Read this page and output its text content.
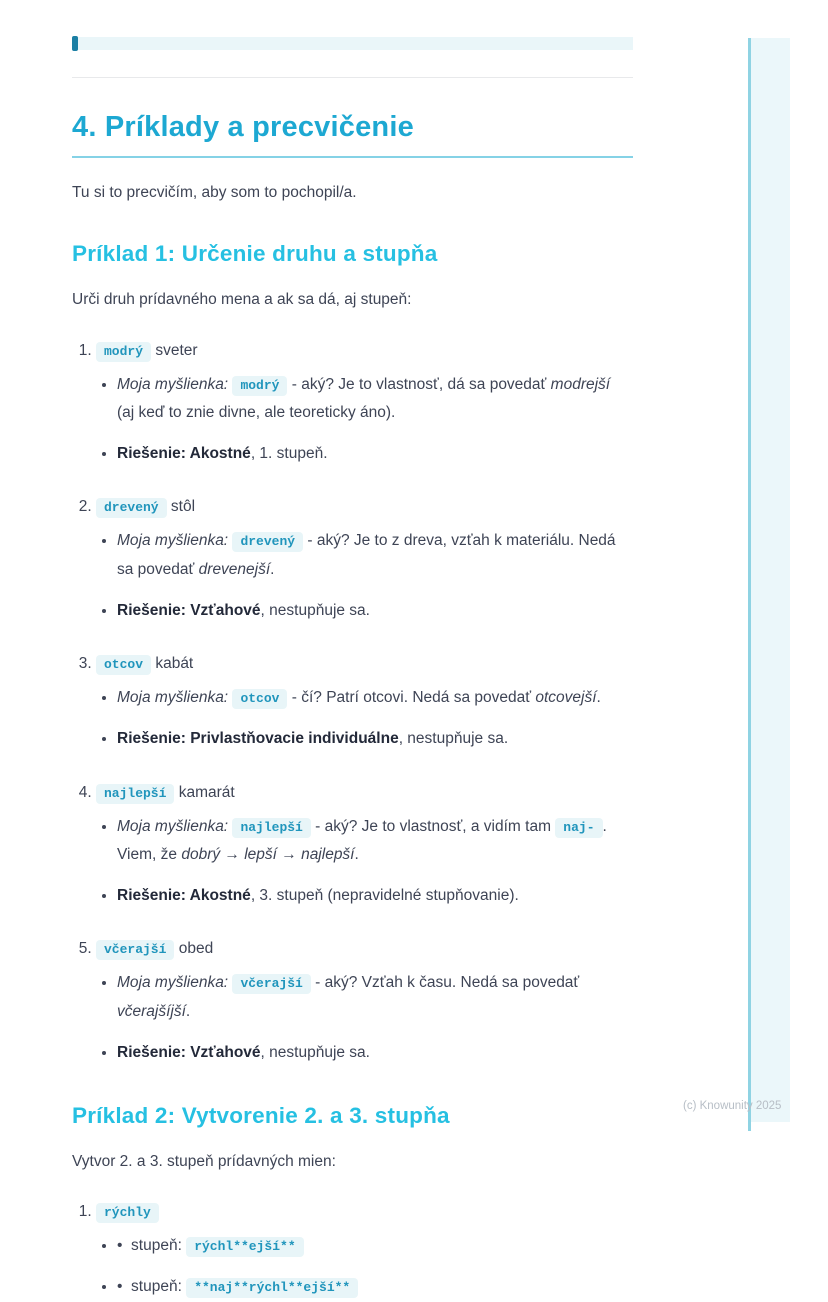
4. Príklady a precvičenie

Tu si to precvičím, aby som to pochopil/a.

Príklad 1: Určenie druhu a stupňa

Urči druh prídavného mena a ak sa dá, aj stupeň:

1. modrý sveter
• Moja myšlienka: modrý - aký? Je to vlastnosť, dá sa povedať modrejší (aj keď to znie divne, ale teoreticky áno).
• Riešenie: Akostné, 1. stupeň.
2. drevený stôl
• Moja myšlienka: drevený - aký? Je to z dreva, vzťah k materiálu. Nedá sa povedať drevenejší.
• Riešenie: Vzťahové, nestupňuje sa.
3. otcov kabát
• Moja myšlienka: otcov - čí? Patrí otcovi. Nedá sa povedať otcovejší.
• Riešenie: Privlastňovacie individuálne, nestupňuje sa.
4. najlepší kamarát
• Moja myšlienka: najlepší - aký? Je to vlastnosť, a vidím tam naj- . Viem, že dobrý → lepší → najlepší.
• Riešenie: Akostné, 3. stupeň (nepravidelné stupňovanie).
5. včerajší obed
• Moja myšlienka: včerajší - aký? Vzťah k času. Nedá sa povedať včerajšíjší.
• Riešenie: Vzťahové, nestupňuje sa.
Príklad 2: Vytvorenie 2. a 3. stupňa

Vytvor 2. a 3. stupeň prídavných mien:

1. rýchly
• •  stupeň: rýchl**ejší**
• •  stupeň: **naj**rýchl**ejší**
(c) Knowunity 2025
